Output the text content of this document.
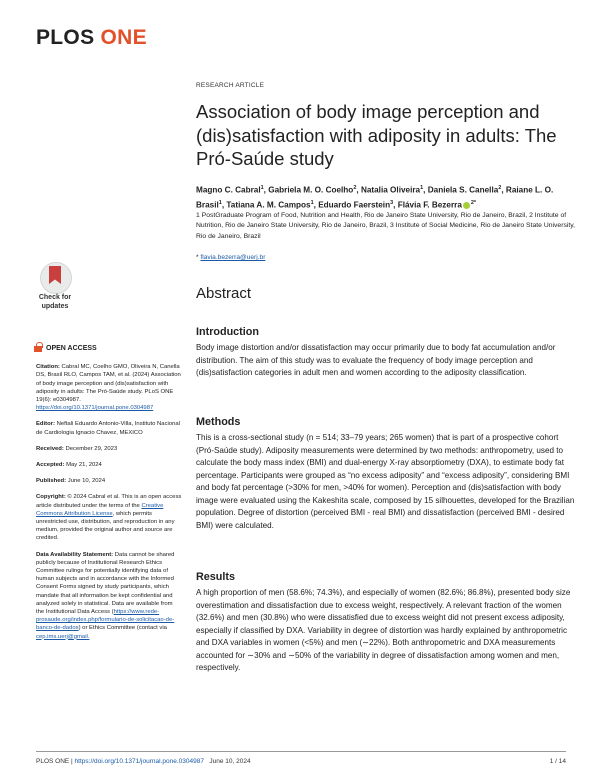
PLOS ONE
RESEARCH ARTICLE
Association of body image perception and (dis)satisfaction with adiposity in adults: The Pró-Saúde study
Magno C. Cabral$^1$, Gabriela M. O. Coelho$^2$, Natalia Oliveira$^1$, Daniela S. Canella$^2$, Raiane L. O. Brasil$^1$, Tatiana A. M. Campos$^1$, Eduardo Faerstein$^3$, Flávia F. Bezerra $^{2*}$
1 PostGraduate Program of Food, Nutrition and Health, Rio de Janeiro State University, Rio de Janeiro, Brazil, 2 Institute of Nutrition, Rio de Janeiro State University, Rio de Janeiro, Brazil, 3 Institute of Social Medicine, Rio de Janeiro State University, Rio de Janeiro, Brazil
* flavia.bezerra@uerj.br
Check for
updates
Abstract
Introduction
Body image distortion and/or dissatisfaction may occur primarily due to body fat accumulation and/or distribution. The aim of this study was to evaluate the frequency of body image perception and (dis)satisfaction categories in adult men and women according to the adiposity classification.
Methods
This is a cross-sectional study (n = 514; 33–79 years; 265 women) that is part of a prospective cohort (Pró-Saúde study). Adiposity measurements were determined by two methods: anthropometry, used to calculate the body mass index (BMI) and dual-energy X-ray absorptiometry (DXA), to estimate body fat percentage. Participants were grouped as “no excess adiposity” and “excess adiposity”, considering BMI and body fat percentage (>30% for men, >40% for women). Perception and (dis)satisfaction with body image were evaluated using the Kakeshita scale, composed by 15 silhouettes, developed for the Brazilian population. Degree of distortion (perceived BMI - real BMI) and dissatisfaction (perceived BMI - desired BMI) were calculated.
Results
A high proportion of men (58.6%; 74.3%), and especially of women (82.6%; 86.8%), presented body size overestimation and dissatisfaction due to excess weight, respectively. A relevant fraction of the women (32.6%) and men (30.8%) who were dissatisfied due to excess weight did not present excess adiposity, especially if classified by DXA. Variability in degree of distortion was hardly explained by anthropometric and DXA variables in women (<5%) and men (∼22%). Both anthropometric and DXA measurements accounted for ∼30% and ∼50% of the variability in degree of dissatisfaction among women and men, respectively.
OPEN ACCESS

Citation: Cabral MC, Coelho GMO, Oliveira N, Canella DS, Brasil RLO, Campos TAM, et al. (2024) Association of body image perception and (dis)satisfaction with adiposity in adults: The Pró-Saúde study. PLoS ONE 19(6): e0304987. https://doi.org/10.1371/journal.pone.0304987

Editor: Neftali Eduardo Antonio-Villa, Instituto Nacional de Cardiologia Ignacio Chavez, MEXICO

Received: December 29, 2023

Accepted: May 21, 2024

Published: June 10, 2024

Copyright: © 2024 Cabral et al. This is an open access article distributed under the terms of the Creative Commons Attribution License, which permits unrestricted use, distribution, and reproduction in any medium, provided the original author and source are credited.

Data Availability Statement: Data cannot be shared publicly because of Institutional Research Ethics Committee rulings for potentially identifying data of human subjects and in accordance with the Informed Consent Forms signed by study participants, which mandate that all information be kept confidential and analyzed solely in statistical. Data are available from the Institutional Data Access (https://www.rede-prosaude.org/index.php/formulario-de-solicitacao-de-banco-de-dados) or Ethics Committee (contact via cep.ims.uerj@gmail.

PLOS ONE | https://doi.org/10.1371/journal.pone.0304987 June 10, 2024	1 / 14
